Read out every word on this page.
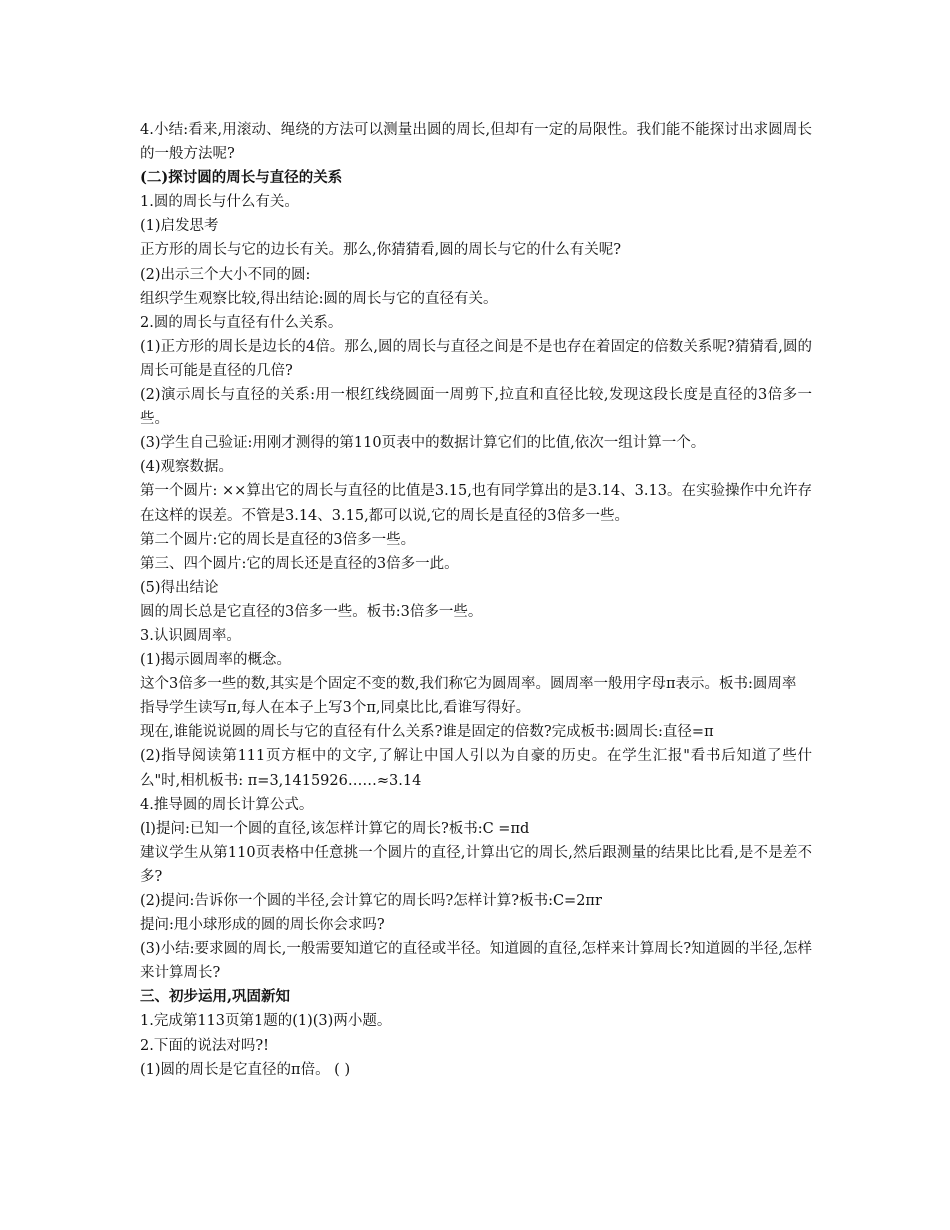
4.小结:看来,用滚动、绳绕的方法可以测量出圆的周长,但却有一定的局限性。我们能不能探讨出求圆周长的一般方法呢?
(二)探讨圆的周长与直径的关系
1.圆的周长与什么有关。
(1)启发思考
正方形的周长与它的边长有关。那么,你猜猜看,圆的周长与它的什么有关呢?
(2)出示三个大小不同的圆:
组织学生观察比较,得出结论:圆的周长与它的直径有关。
2.圆的周长与直径有什么关系。
(1)正方形的周长是边长的4倍。那么,圆的周长与直径之间是不是也存在着固定的倍数关系呢?猜猜看,圆的周长可能是直径的几倍?
(2)演示周长与直径的关系:用一根红线绕圆面一周剪下,拉直和直径比较,发现这段长度是直径的3倍多一些。
(3)学生自己验证:用刚才测得的第110页表中的数据计算它们的比值,依次一组计算一个。
(4)观察数据。
第一个圆片: ××算出它的周长与直径的比值是3.15,也有同学算出的是3.14、3.13。在实验操作中允许存在这样的误差。不管是3.14、3.15,都可以说,它的周长是直径的3倍多一些。
第二个圆片:它的周长是直径的3倍多一些。
第三、四个圆片:它的周长还是直径的3倍多一此。
(5)得出结论
圆的周长总是它直径的3倍多一些。板书:3倍多一些。
3.认识圆周率。
(1)揭示圆周率的概念。
这个3倍多一些的数,其实是个固定不变的数,我们称它为圆周率。圆周率一般用字母π表示。板书:圆周率
指导学生读写π,每人在本子上写3个π,同桌比比,看谁写得好。
现在,谁能说说圆的周长与它的直径有什么关系?谁是固定的倍数?完成板书:圆周长:直径=π
(2)指导阅读第111页方框中的文字,了解让中国人引以为自豪的历史。在学生汇报"看书后知道了些什么"时,相机板书: π=3,1415926……≈3.14
4.推导圆的周长计算公式。
(l)提问:已知一个圆的直径,该怎样计算它的周长?板书:C =πd
建议学生从第110页表格中任意挑一个圆片的直径,计算出它的周长,然后跟测量的结果比比看,是不是差不多?
(2)提问:告诉你一个圆的半径,会计算它的周长吗?怎样计算?板书:C=2πr
提问:甩小球形成的圆的周长你会求吗?
(3)小结:要求圆的周长,一般需要知道它的直径或半径。知道圆的直径,怎样来计算周长?知道圆的半径,怎样来计算周长?
三、初步运用,巩固新知
1.完成第113页第1题的(1)(3)两小题。
2.下面的说法对吗?!
(1)圆的周长是它直径的π倍。 ( )
